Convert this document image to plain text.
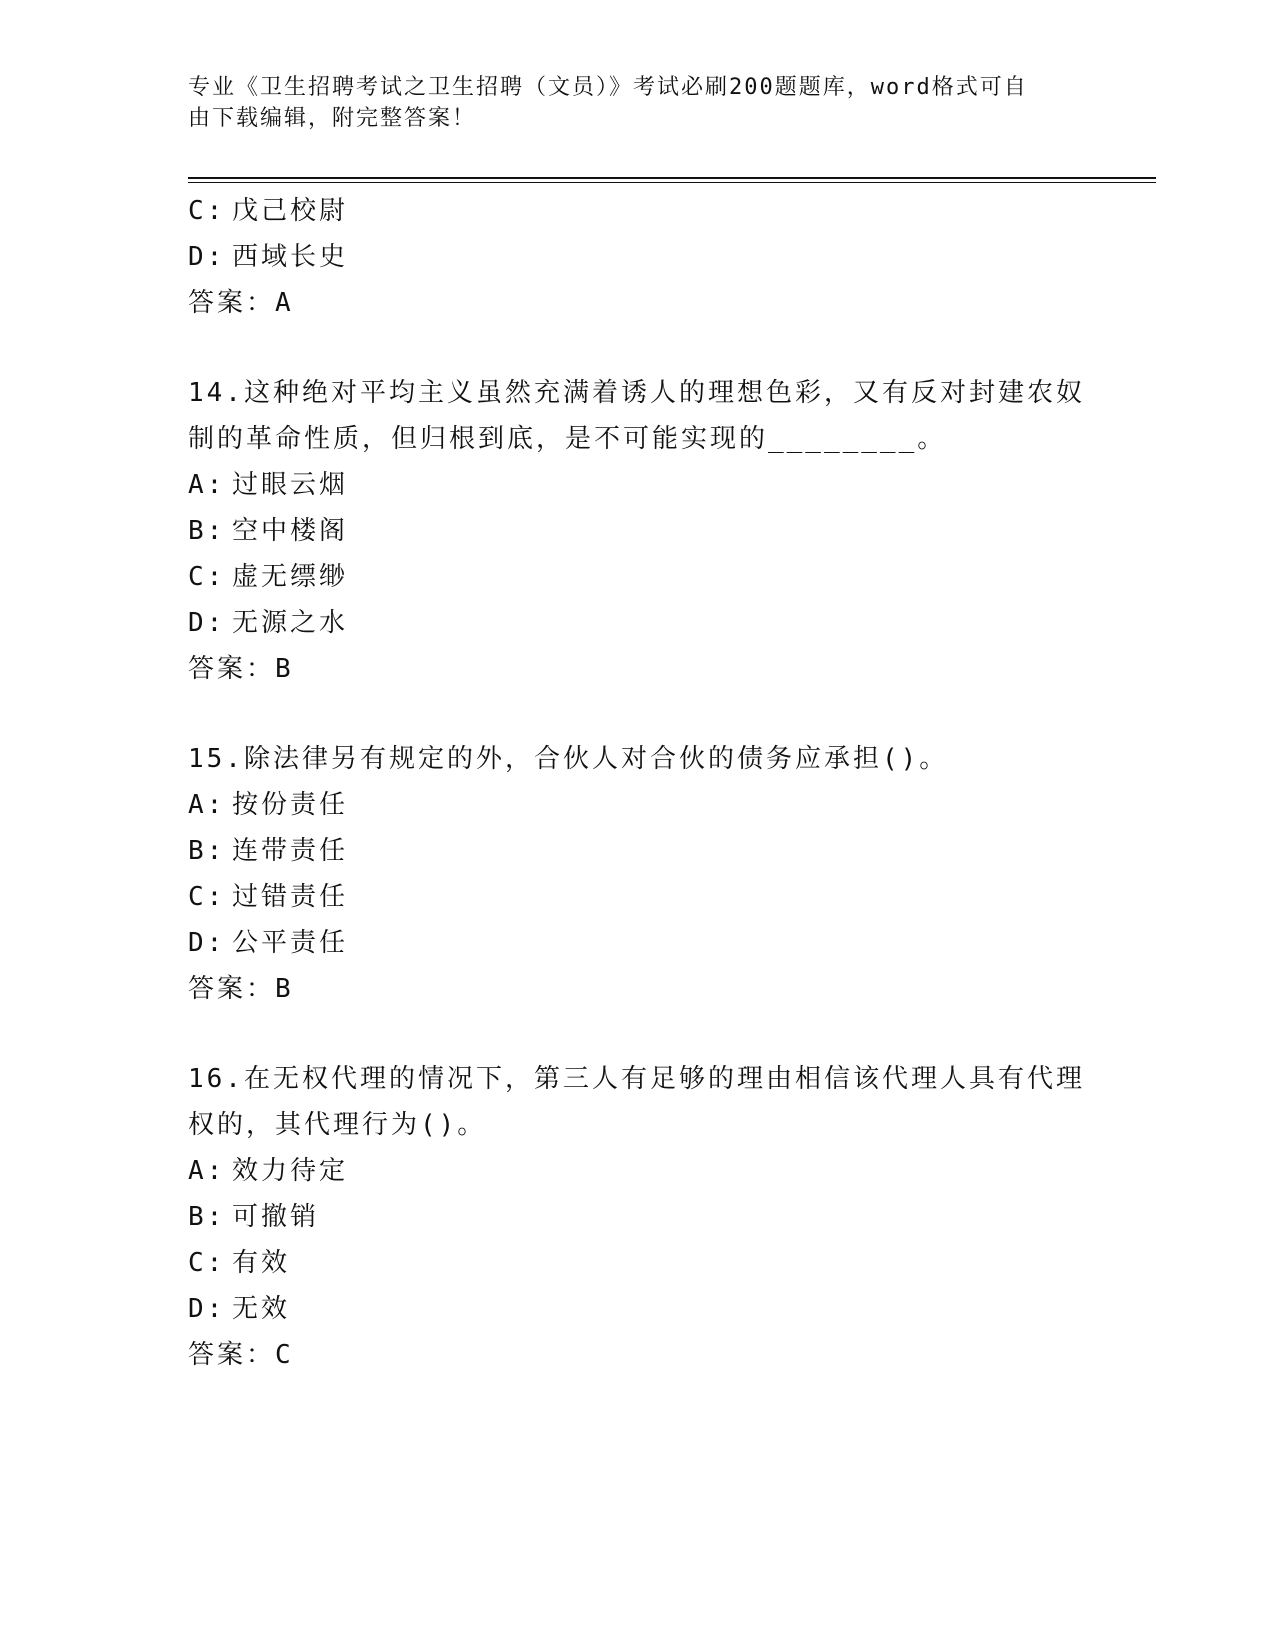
专业《卫生招聘考试之卫生招聘（文员）》考试必刷200题题库，word格式可自
由下载编辑，附完整答案！
C: 戊己校尉
D: 西域长史
答案：A
14.这种绝对平均主义虽然充满着诱人的理想色彩，又有反对封建农奴
制的革命性质，但归根到底，是不可能实现的________。
A: 过眼云烟
B: 空中楼阁
C: 虚无缥缈
D: 无源之水
答案：B
15.除法律另有规定的外，合伙人对合伙的债务应承担()。
A: 按份责任
B: 连带责任
C: 过错责任
D: 公平责任
答案：B
16.在无权代理的情况下，第三人有足够的理由相信该代理人具有代理
权的，其代理行为()。
A: 效力待定
B: 可撤销
C: 有效
D: 无效
答案：C
